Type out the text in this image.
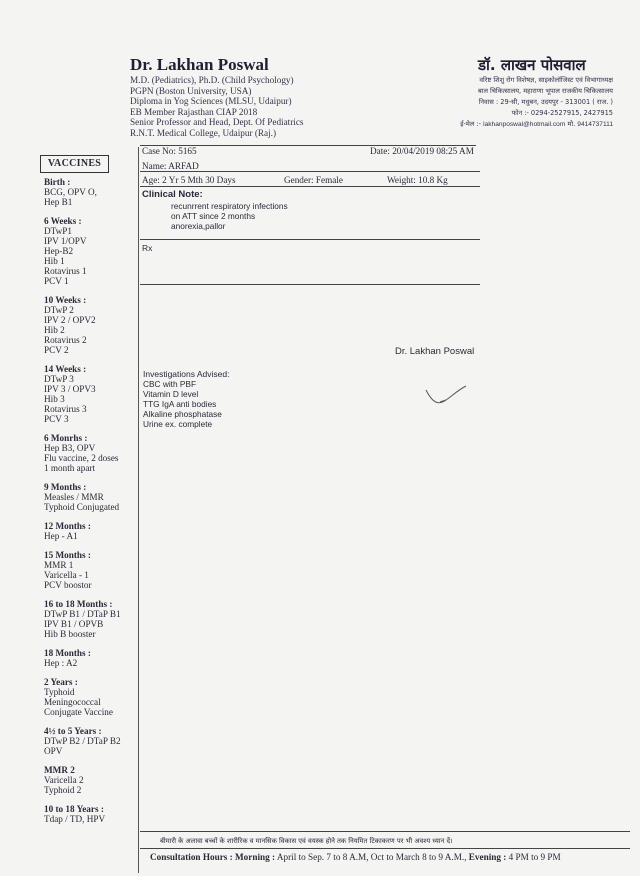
Dr. Lakhan Poswal
M.D. (Pediatrics), Ph.D. (Child Psychology)
PGPN (Boston University, USA)
Diploma in Yog Sciences (MLSU, Udaipur)
EB Member Rajasthan CIAP 2018
Senior Professor and Head, Dept. Of Pediatrics
R.N.T. Medical College, Udaipur (Raj.)
डॉ. लाखन पोसवाल
वरिष्ट शिशु रोग विशेषज्ञ, साइकोलॉजिस्ट एवं विभागाध्यक्ष
बाल चिकित्सालय, महाराणा भूपाल राजकीय चिकित्सालय
निवास : 29-सी, मधुबन, उदयपुर - 313001 ( राज. )
फोन :- 0294-2527915, 2427915
ई-मेल :- lakhanposwal@hotmail.com मो. 9414737111
VACCINES
Birth :
BCG, OPV O,
Hep B1
6 Weeks :
DTwP1
IPV 1/OPV
Hep-B2
Hib 1
Rotavirus 1
PCV 1
10 Weeks :
DTwP 2
IPV 2 / OPV2
Hib 2
Rotavirus 2
PCV 2
14 Weeks :
DTwP 3
IPV 3 / OPV3
Hib 3
Rotavirus 3
PCV 3
6 Monrhs :
Hep B3, OPV
Flu vaccine, 2 doses
1 month apart
9 Months :
Measles / MMR
Typhoid Conjugated
12 Months :
Hep - A1
15 Months :
MMR 1
Varicella - 1
PCV boostor
16 to 18 Months :
DTwP B1 / DTaP B1
IPV B1 / OPVB
Hib B booster
18 Months :
Hep : A2
2 Years :
Typhoid
Meningococcal
Conjugate Vaccine
4½ to 5 Years :
DTwP B2 / DTaP B2
OPV
MMR 2
Varicella 2
Typhoid 2
10 to 18 Years :
Tdap / TD, HPV
Case No: 5165	Date: 20/04/2019 08:25 AM
Name: ARFAD
Age: 2 Yr 5 Mth 30 Days	Gender: Female	Weight: 10.8 Kg
Clinical Note:
recunrrent respiratory infections
on ATT since 2 months
anorexia,pallor
Rx
Dr. Lakhan Poswal
Investigations Advised:
CBC with PBF
Vitamin D level
TTG IgA anti bodies
Alkaline phosphatase
Urine ex. complete
बीमारी के अलावा बच्चों के शारीरिक व मानसिक विकास एवं वयस्क होने तक नियमित टिकाकरण पर भी अवश्य ध्यान दें।
Consultation Hours : Morning : April to Sep. 7 to 8 A.M, Oct to March 8 to 9 A.M., Evening : 4 PM to 9 PM
